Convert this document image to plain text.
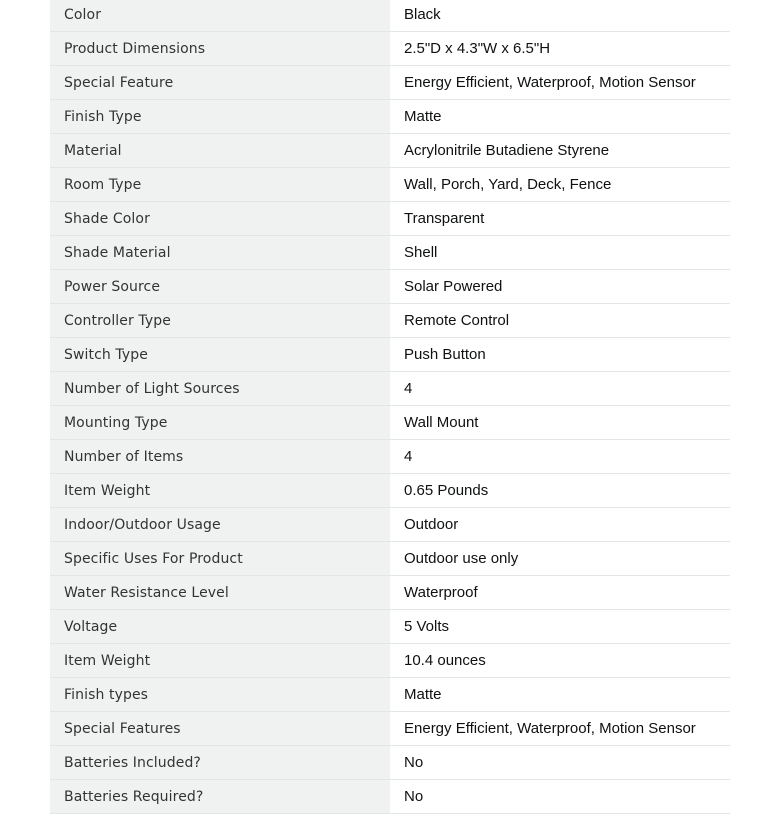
Color	Black
Product Dimensions	2.5"D x 4.3"W x 6.5"H
Special Feature	Energy Efficient, Waterproof, Motion Sensor
Finish Type	Matte
Material	Acrylonitrile Butadiene Styrene
Room Type	Wall, Porch, Yard, Deck, Fence
Shade Color	Transparent
Shade Material	Shell
Power Source	Solar Powered
Controller Type	Remote Control
Switch Type	Push Button
Number of Light Sources	4
Mounting Type	Wall Mount
Number of Items	4
Item Weight	0.65 Pounds
Indoor/Outdoor Usage	Outdoor
Specific Uses For Product	Outdoor use only
Water Resistance Level	Waterproof
Voltage	5 Volts
Item Weight	10.4 ounces
Finish types	Matte
Special Features	Energy Efficient, Waterproof, Motion Sensor
Batteries Included?	No
Batteries Required?	No
